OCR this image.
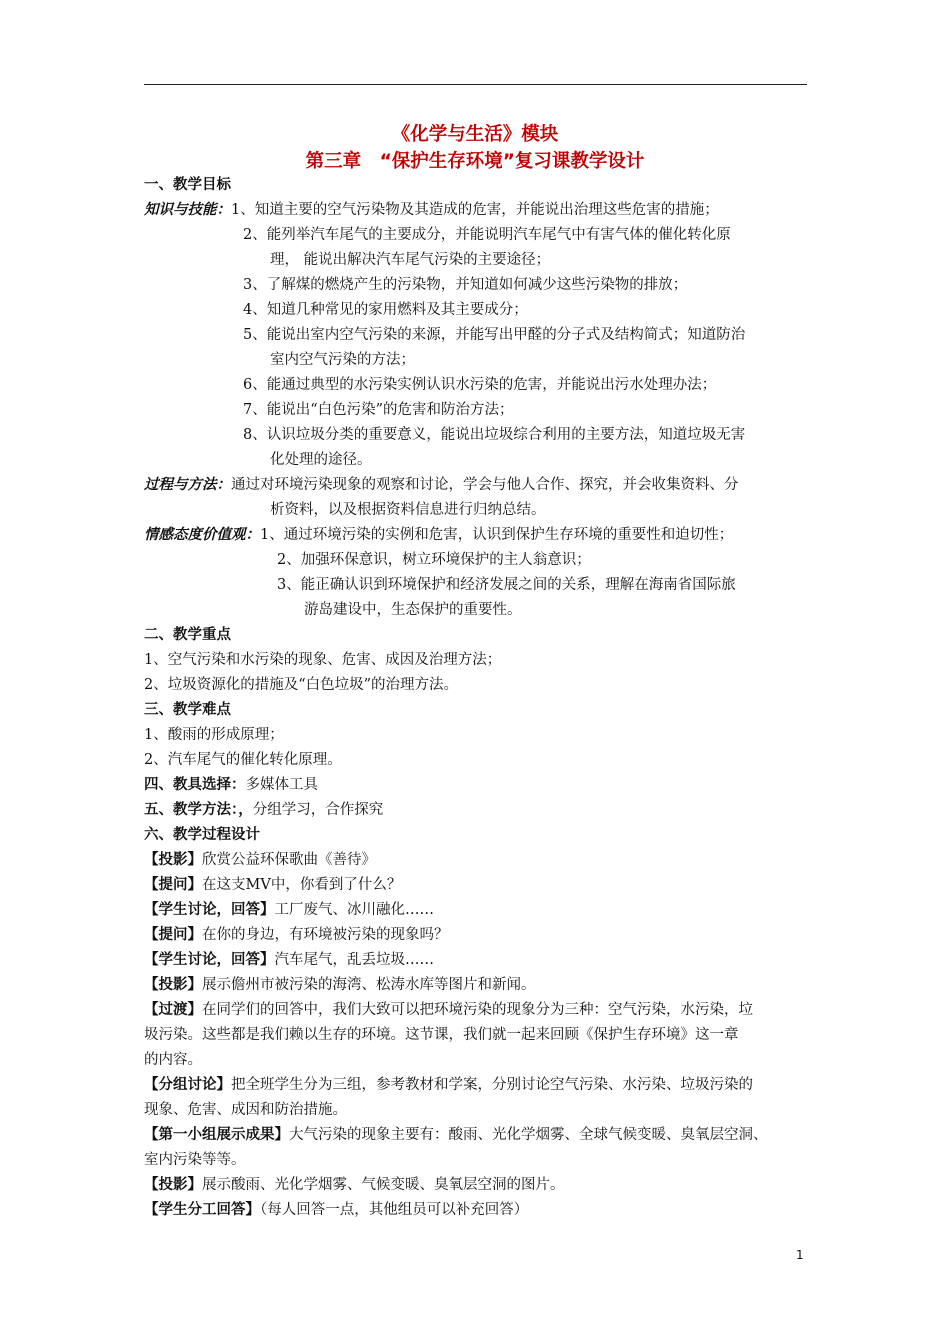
《化学与生活》模块
第三章　“保护生存环境”复习课教学设计
一、教学目标
知识与技能：1、知道主要的空气污染物及其造成的危害，并能说出治理这些危害的措施；
2、能列举汽车尾气的主要成分，并能说明汽车尾气中有害气体的催化转化原
理， 能说出解决汽车尾气污染的主要途径；
3、了解煤的燃烧产生的污染物，并知道如何减少这些污染物的排放；
4、知道几种常见的家用燃料及其主要成分；
5、能说出室内空气污染的来源，并能写出甲醛的分子式及结构简式；知道防治
室内空气污染的方法；
6、能通过典型的水污染实例认识水污染的危害，并能说出污水处理办法；
7、能说出“白色污染”的危害和防治方法；
8、认识垃圾分类的重要意义，能说出垃圾综合利用的主要方法，知道垃圾无害
化处理的途径。
过程与方法：通过对环境污染现象的观察和讨论，学会与他人合作、探究，并会收集资料、分
析资料，以及根据资料信息进行归纳总结。
情感态度价值观：1、通过环境污染的实例和危害，认识到保护生存环境的重要性和迫切性；
2、加强环保意识，树立环境保护的主人翁意识；
3、能正确认识到环境保护和经济发展之间的关系，理解在海南省国际旅
游岛建设中，生态保护的重要性。
二、教学重点
1、空气污染和水污染的现象、危害、成因及治理方法；
2、垃圾资源化的措施及“白色垃圾”的治理方法。
三、教学难点
1、酸雨的形成原理；
2、汽车尾气的催化转化原理。
四、教具选择：多媒体工具
五、教学方法：，分组学习，合作探究
六、教学过程设计
【投影】欣赏公益环保歌曲《善待》
【提问】在这支MV中，你看到了什么？
【学生讨论，回答】工厂废气、冰川融化……
【提问】在你的身边，有环境被污染的现象吗？
【学生讨论，回答】汽车尾气，乱丢垃圾……
【投影】展示儋州市被污染的海湾、松涛水库等图片和新闻。
【过渡】在同学们的回答中，我们大致可以把环境污染的现象分为三种：空气污染，水污染，垃
圾污染。这些都是我们赖以生存的环境。这节课，我们就一起来回顾《保护生存环境》这一章
的内容。
【分组讨论】把全班学生分为三组，参考教材和学案，分别讨论空气污染、水污染、垃圾污染的
现象、危害、成因和防治措施。
【第一小组展示成果】大气污染的现象主要有：酸雨、光化学烟雾、全球气候变暖、臭氧层空洞、
室内污染等等。
【投影】展示酸雨、光化学烟雾、气候变暖、臭氧层空洞的图片。
【学生分工回答】（每人回答一点，其他组员可以补充回答）
1
